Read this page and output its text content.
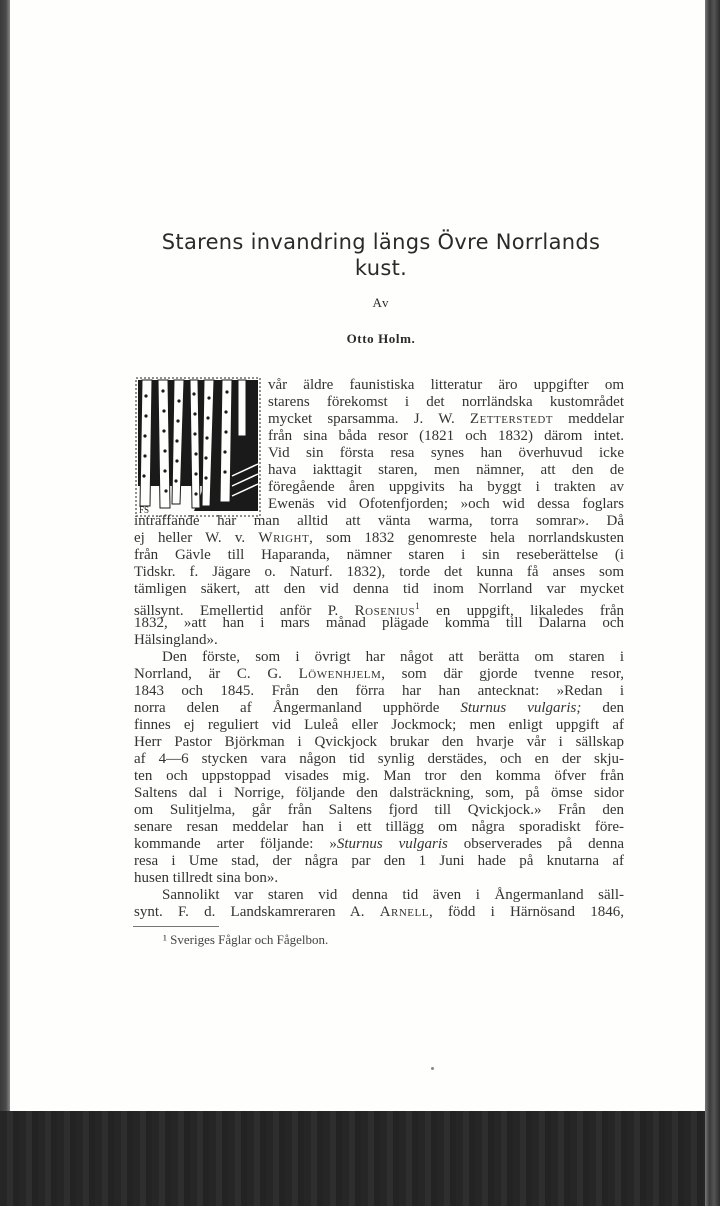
Starens invandring längs Övre Norrlands
kust.
Av
Otto Holm.
FS
vår äldre faunistiska litteratur äro uppgifter om
starens förekomst i det norrländska kustområdet
mycket sparsamma. J. W. Zetterstedt meddelar
från sina båda resor (1821 och 1832) därom intet.
Vid sin första resa synes han överhuvud icke
hava iakttagit staren, men nämner, att den de
föregående åren uppgivits ha byggt i trakten av
Ewenäs vid Ofotenfjorden; »och wid dessa foglars
inträffande har man alltid att vänta warma, torra somrar». Då
ej heller W. v. Wright, som 1832 genomreste hela norrlandskusten
från Gävle till Haparanda, nämner staren i sin reseberättelse (i
Tidskr. f. Jägare o. Naturf. 1832), torde det kunna få anses som
tämligen säkert, att den vid denna tid inom Norrland var mycket
sällsynt. Emellertid anför P. Rosenius$^1$ en uppgift, likaledes från
1832, »att han i mars månad plägade komma till Dalarna och
Hälsingland».
Den förste, som i övrigt har något att berätta om staren i
Norrland, är C. G. Löwenhjelm, som där gjorde tvenne resor,
1843 och 1845. Från den förra har han antecknat: »Redan i
norra delen af Ångermanland upphörde Sturnus vulgaris; den
finnes ej reguliert vid Luleå eller Jockmock; men enligt uppgift af
Herr Pastor Björkman i Qvickjock brukar den hvarje vår i sällskap
af 4—6 stycken vara någon tid synlig derstädes, och en der skju-
ten och uppstoppad visades mig. Man tror den komma öfver från
Saltens dal i Norrige, följande den dalsträckning, som, på ömse sidor
om Sulitjelma, går från Saltens fjord till Qvickjock.» Från den
senare resan meddelar han i ett tillägg om några sporadiskt före-
kommande arter följande: »Sturnus vulgaris observerades på denna
resa i Ume stad, der några par den 1 Juni hade på knutarna af
husen tillredt sina bon».
Sannolikt var staren vid denna tid även i Ångermanland säll-
synt. F. d. Landskamreraren A. Arnell, född i Härnösand 1846,
¹ Sveriges Fåglar och Fågelbon.
